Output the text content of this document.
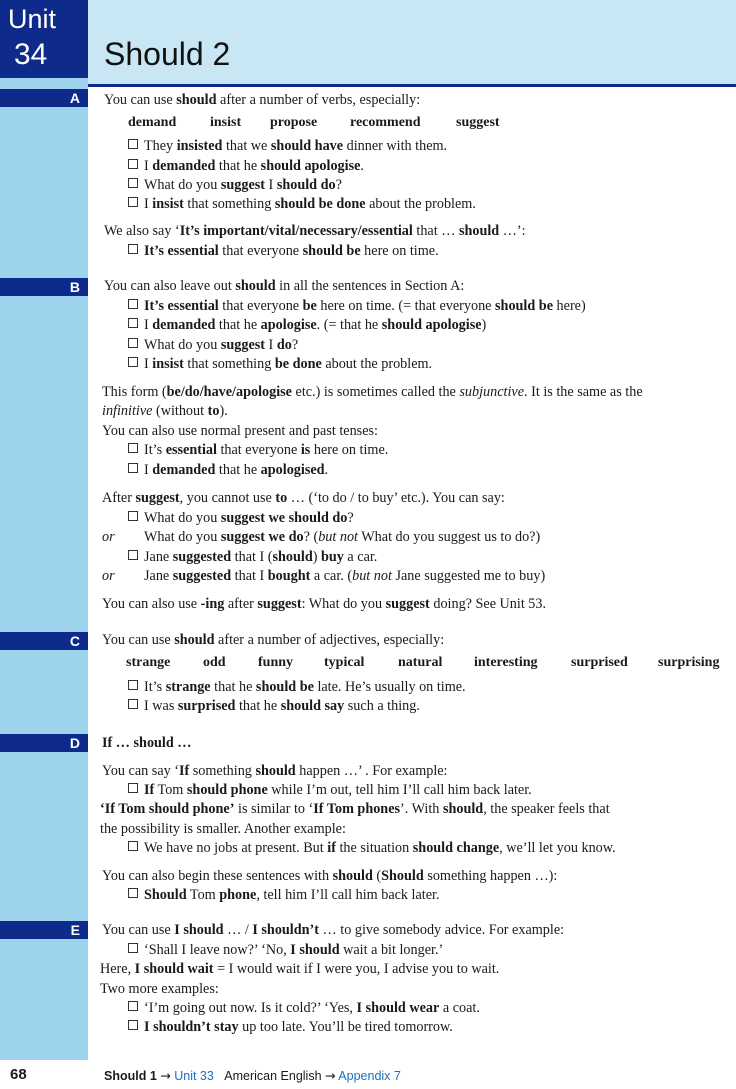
Unit
34 Should 2
A
B
C
D
E
You can use should after a number of verbs, especially:
demand insist propose recommend	suggest
They insisted that we should have dinner with them.
I demanded that he should apologise.
What do you suggest I should do?
I insist that something should be done about the problem.
We also say ‘It’s important/vital/necessary/essential that … should …’:
It’s essential that everyone should be here on time.
You can also leave out should in all the sentences in Section A:
It’s essential that everyone be here on time. (= that everyone should be here)
I demanded that he apologise. (= that he should apologise)
What do you suggest I do?
I insist that something be done about the problem.
This form (be/do/have/apologise etc.) is sometimes called the subjunctive. It is the same as the
infinitive (without to).
You can also use normal present and past tenses:
It’s essential that everyone is here on time.
I demanded that he apologised.
After suggest, you cannot use to … (‘to do / to buy’ etc.). You can say:
What do you suggest we should do?
or What do you suggest we do? (but not What do you suggest us to do?)
Jane suggested that I (should) buy a car.
or Jane suggested that I bought a car. (but not Jane suggested me to buy)
You can also use -ing after suggest: What do you suggest doing? See Unit 53.
You can use should after a number of adjectives, especially:
strange odd funny typical natural interesting surprised surprising
It’s strange that he should be late. He’s usually on time.
I was surprised that he should say such a thing.
If … should …
You can say ‘If something should happen …’ . For example:
If Tom should phone while I’m out, tell him I’ll call him back later.
‘If Tom should phone’ is similar to ‘If Tom phones’. With should, the speaker feels that
the possibility is smaller. Another example:
We have no jobs at present. But if the situation should change, we’ll let you know.
You can also begin these sentences with should (Should something happen …):
Should Tom phone, tell him I’ll call him back later.
You can use I should … / I shouldn’t … to give somebody advice. For example:
‘Shall I leave now?’ ‘No, I should wait a bit longer.’
Here, I should wait = I would wait if I were you, I advise you to wait.
Two more examples:
‘I’m going out now. Is it cold?’ ‘Yes, I should wear a coat.
I shouldn’t stay up too late. You’ll be tired tomorrow.
68	Should 1 → Unit 33 American English → Appendix 7
